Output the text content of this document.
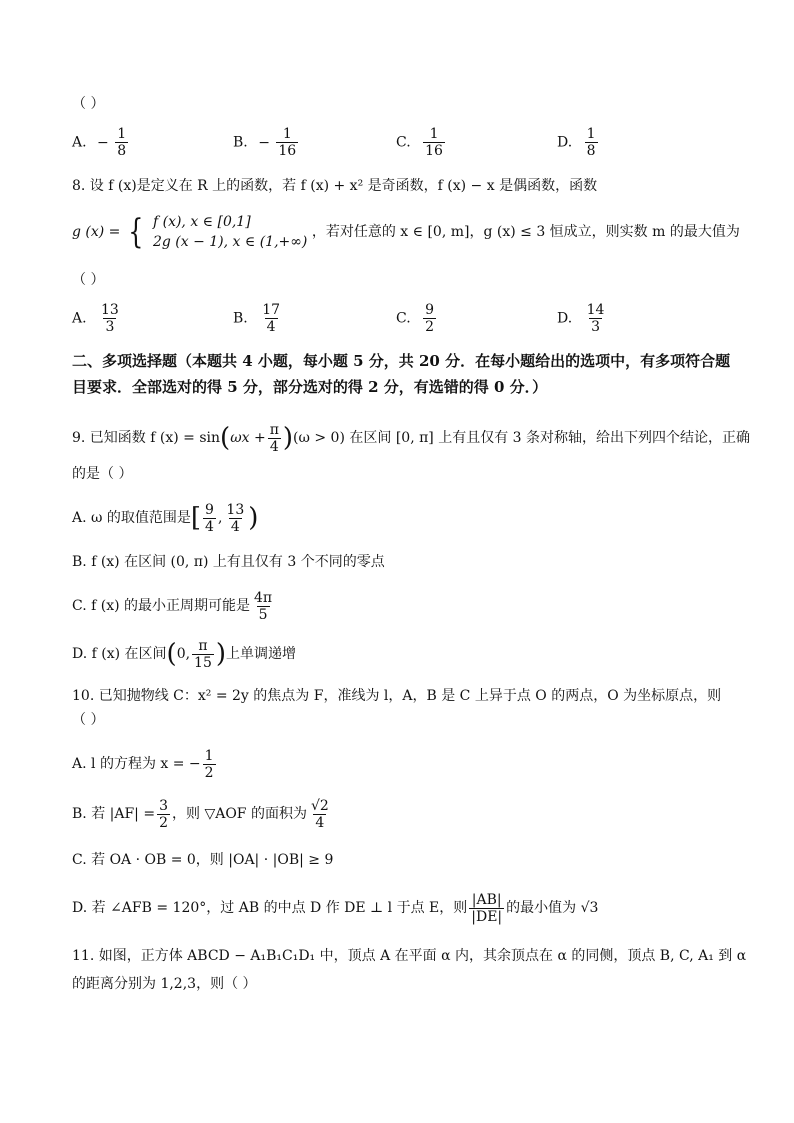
（ ）
A. − $\frac{1}{8}$	B. − $\frac{1}{16}$	C. $\frac{1}{16}$	D. $\frac{1}{8}$
8. 设 f (x)是定义在 R 上的函数，若 f (x) + x² 是奇函数，f (x) − x 是偶函数，函数
g (x) = { f (x), x ∈ [0,1]
2g (x − 1), x ∈ (1,+∞)
，若对任意的 x ∈ [0, m]，g (x) ≤ 3 恒成立，则实数 m 的最大值为
（ ）
A. $\frac{13}{3}$	B. $\frac{17}{4}$	C. $\frac{9}{2}$	D. $\frac{14}{3}$
二、多项选择题（本题共 4 小题，每小题 5 分，共 20 分．在每小题给出的选项中，有多项符合题目要求．全部选对的得 5 分，部分选对的得 2 分，有选错的得 0 分．）
9. 已知函数 f $(x) = \sin(\omega x + \frac{\pi}{4} )(\omega > 0)$ 在区间 [0, π] 上有且仅有 3 条对称轴，给出下列四个结论，正确
的是（ ）
A. ω 的取值范围是[ $\frac{9}{4}$ , $\frac{13}{4}$ )
B. f (x) 在区间 (0, π) 上有且仅有 3 个不同的零点
C. f (x) 的最小正周期可能是 $\frac{4\pi}{5}$
D. f (x) 在区间(0, $\frac{\pi}{15}$ )上单调递增
10. 已知抛物线 C：x² = 2y 的焦点为 F，准线为 l，A，B 是 C 上异于点 O 的两点，O 为坐标原点，则
（ ）
A. l 的方程为 x = − $\frac{1}{2}$
B. 若 $|AF| = \frac{3}{2}$ ，则 ▽AOF 的面积为 $\frac{√2}{4}$
C. 若 OA · OB = 0，则 |OA| · |OB| ≥ 9
D. 若 ∠AFB = 120°，过 AB 的中点 D 作 DE ⊥ l 于点 E，则 $\frac{|AB|}{|DE|}$ 的最小值为 √3
11. 如图，正方体 ABCD − A₁B₁C₁D₁ 中，顶点 A 在平面 α 内，其余顶点在 α 的同侧，顶点 B, C, A₁ 到 α
的距离分别为 1,2,3，则（ ）
